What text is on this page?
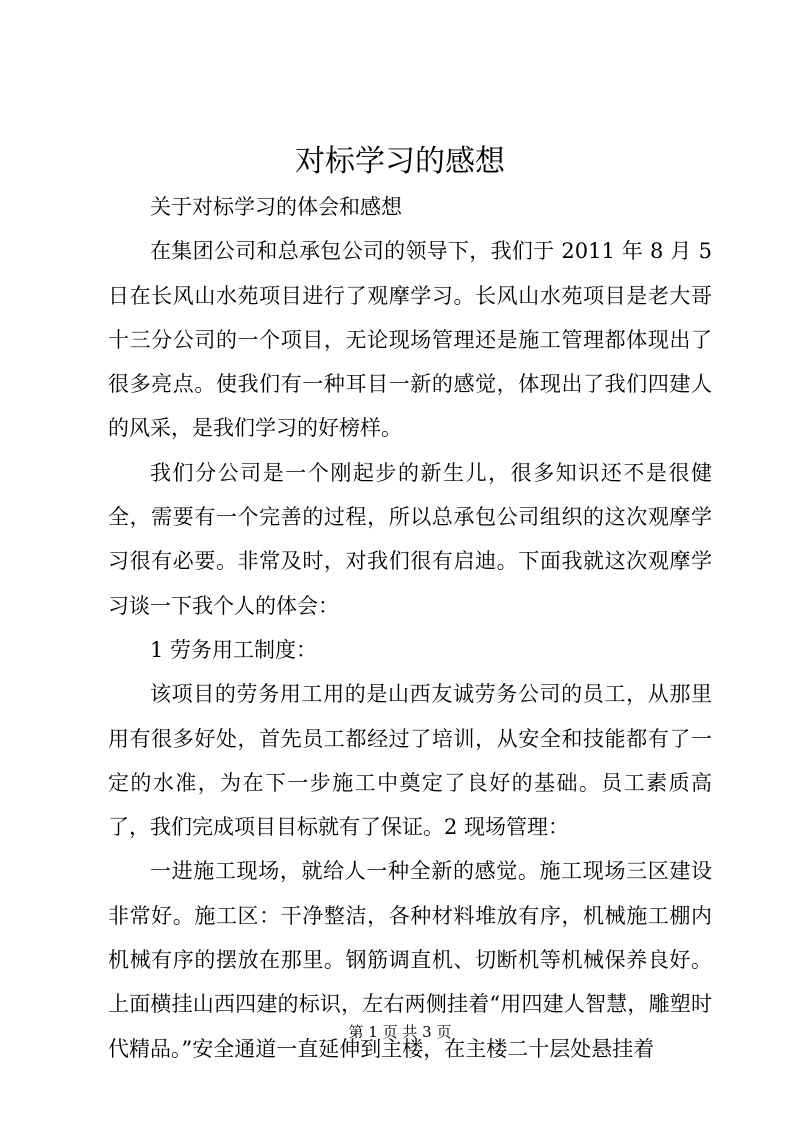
对标学习的感想

关于对标学习的体会和感想

在集团公司和总承包公司的领导下，我们于 2011 年 8 月 5 日在长风山水苑项目进行了观摩学习。长风山水苑项目是老大哥十三分公司的一个项目，无论现场管理还是施工管理都体现出了很多亮点。使我们有一种耳目一新的感觉，体现出了我们四建人的风采，是我们学习的好榜样。

我们分公司是一个刚起步的新生儿，很多知识还不是很健全，需要有一个完善的过程，所以总承包公司组织的这次观摩学习很有必要。非常及时，对我们很有启迪。下面我就这次观摩学习谈一下我个人的体会：

1 劳务用工制度：

该项目的劳务用工用的是山西友诚劳务公司的员工，从那里用有很多好处，首先员工都经过了培训，从安全和技能都有了一定的水准，为在下一步施工中奠定了良好的基础。员工素质高了，我们完成项目目标就有了保证。2 现场管理：

一进施工现场，就给人一种全新的感觉。施工现场三区建设非常好。施工区：干净整洁，各种材料堆放有序，机械施工棚内机械有序的摆放在那里。钢筋调直机、切断机等机械保养良好。上面横挂山西四建的标识，左右两侧挂着“用四建人智慧，雕塑时代精品。”安全通道一直延伸到主楼，在主楼二十层处悬挂着

第 1 页 共 3 页
